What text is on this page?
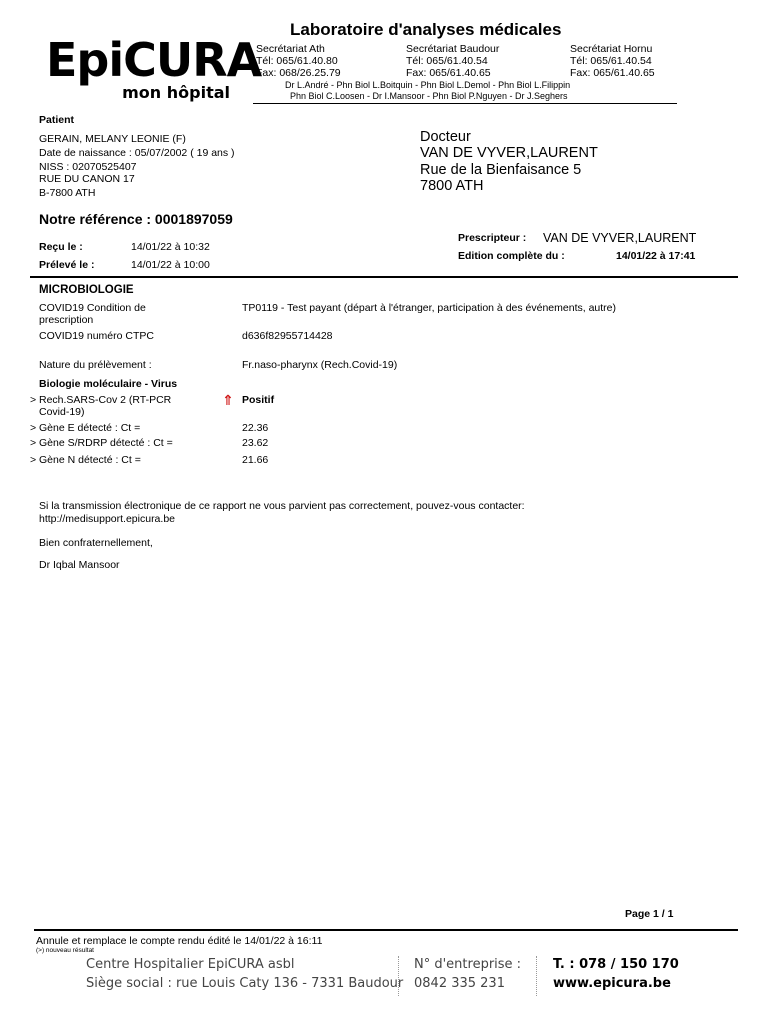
EpiCURA
mon hôpital
Laboratoire d'analyses médicales
Secrétariat Ath
Tél: 065/61.40.80
Fax: 068/26.25.79
Secrétariat Baudour
Tél: 065/61.40.54
Fax: 065/61.40.65
Secrétariat Hornu
Tél: 065/61.40.54
Fax: 065/61.40.65
Dr L.André - Phn Biol L.Boitquin - Phn Biol L.Demol - Phn Biol L.Filippin
Phn Biol C.Loosen - Dr I.Mansoor - Phn Biol P.Nguyen - Dr J.Seghers
Patient
GERAIN, MELANY LEONIE (F)
Date de naissance : 05/07/2002 ( 19 ans )
NISS : 02070525407
RUE DU CANON 17
B-7800 ATH
Docteur
VAN DE VYVER,LAURENT
Rue de la Bienfaisance 5
7800 ATH
Notre référence : 0001897059
Reçu le :	14/01/22 à 10:32
Prélevé le :	14/01/22 à 10:00
Prescripteur : VAN DE VYVER,LAURENT
Edition complète du :	14/01/22 à 17:41
MICROBIOLOGIE
COVID19 Condition de
prescription
TP0119 - Test payant (départ à l'étranger, participation à des événements, autre)
COVID19 numéro CTPC	d636f82955714428
Nature du prélèvement :	Fr.naso-pharynx (Rech.Covid-19)
Biologie moléculaire - Virus
> Rech.SARS-Cov 2 (RT-PCR
Covid-19)
⇑ Positif
> Gène E détecté : Ct =	22.36
> Gène S/RDRP détecté : Ct =	23.62
> Gène N détecté : Ct =	21.66
Si la transmission électronique de ce rapport ne vous parvient pas correctement, pouvez-vous contacter:
http://medisupport.epicura.be
Bien confraternellement,
Dr Iqbal Mansoor
Page 1 / 1
Annule et remplace le compte rendu édité le 14/01/22 à 16:11
(>) nouveau résultat
Centre Hospitalier EpiCURA asbl
Siège social : rue Louis Caty 136 - 7331 Baudour
N° d'entreprise :
0842 335 231
T. : 078 / 150 170
www.epicura.be
